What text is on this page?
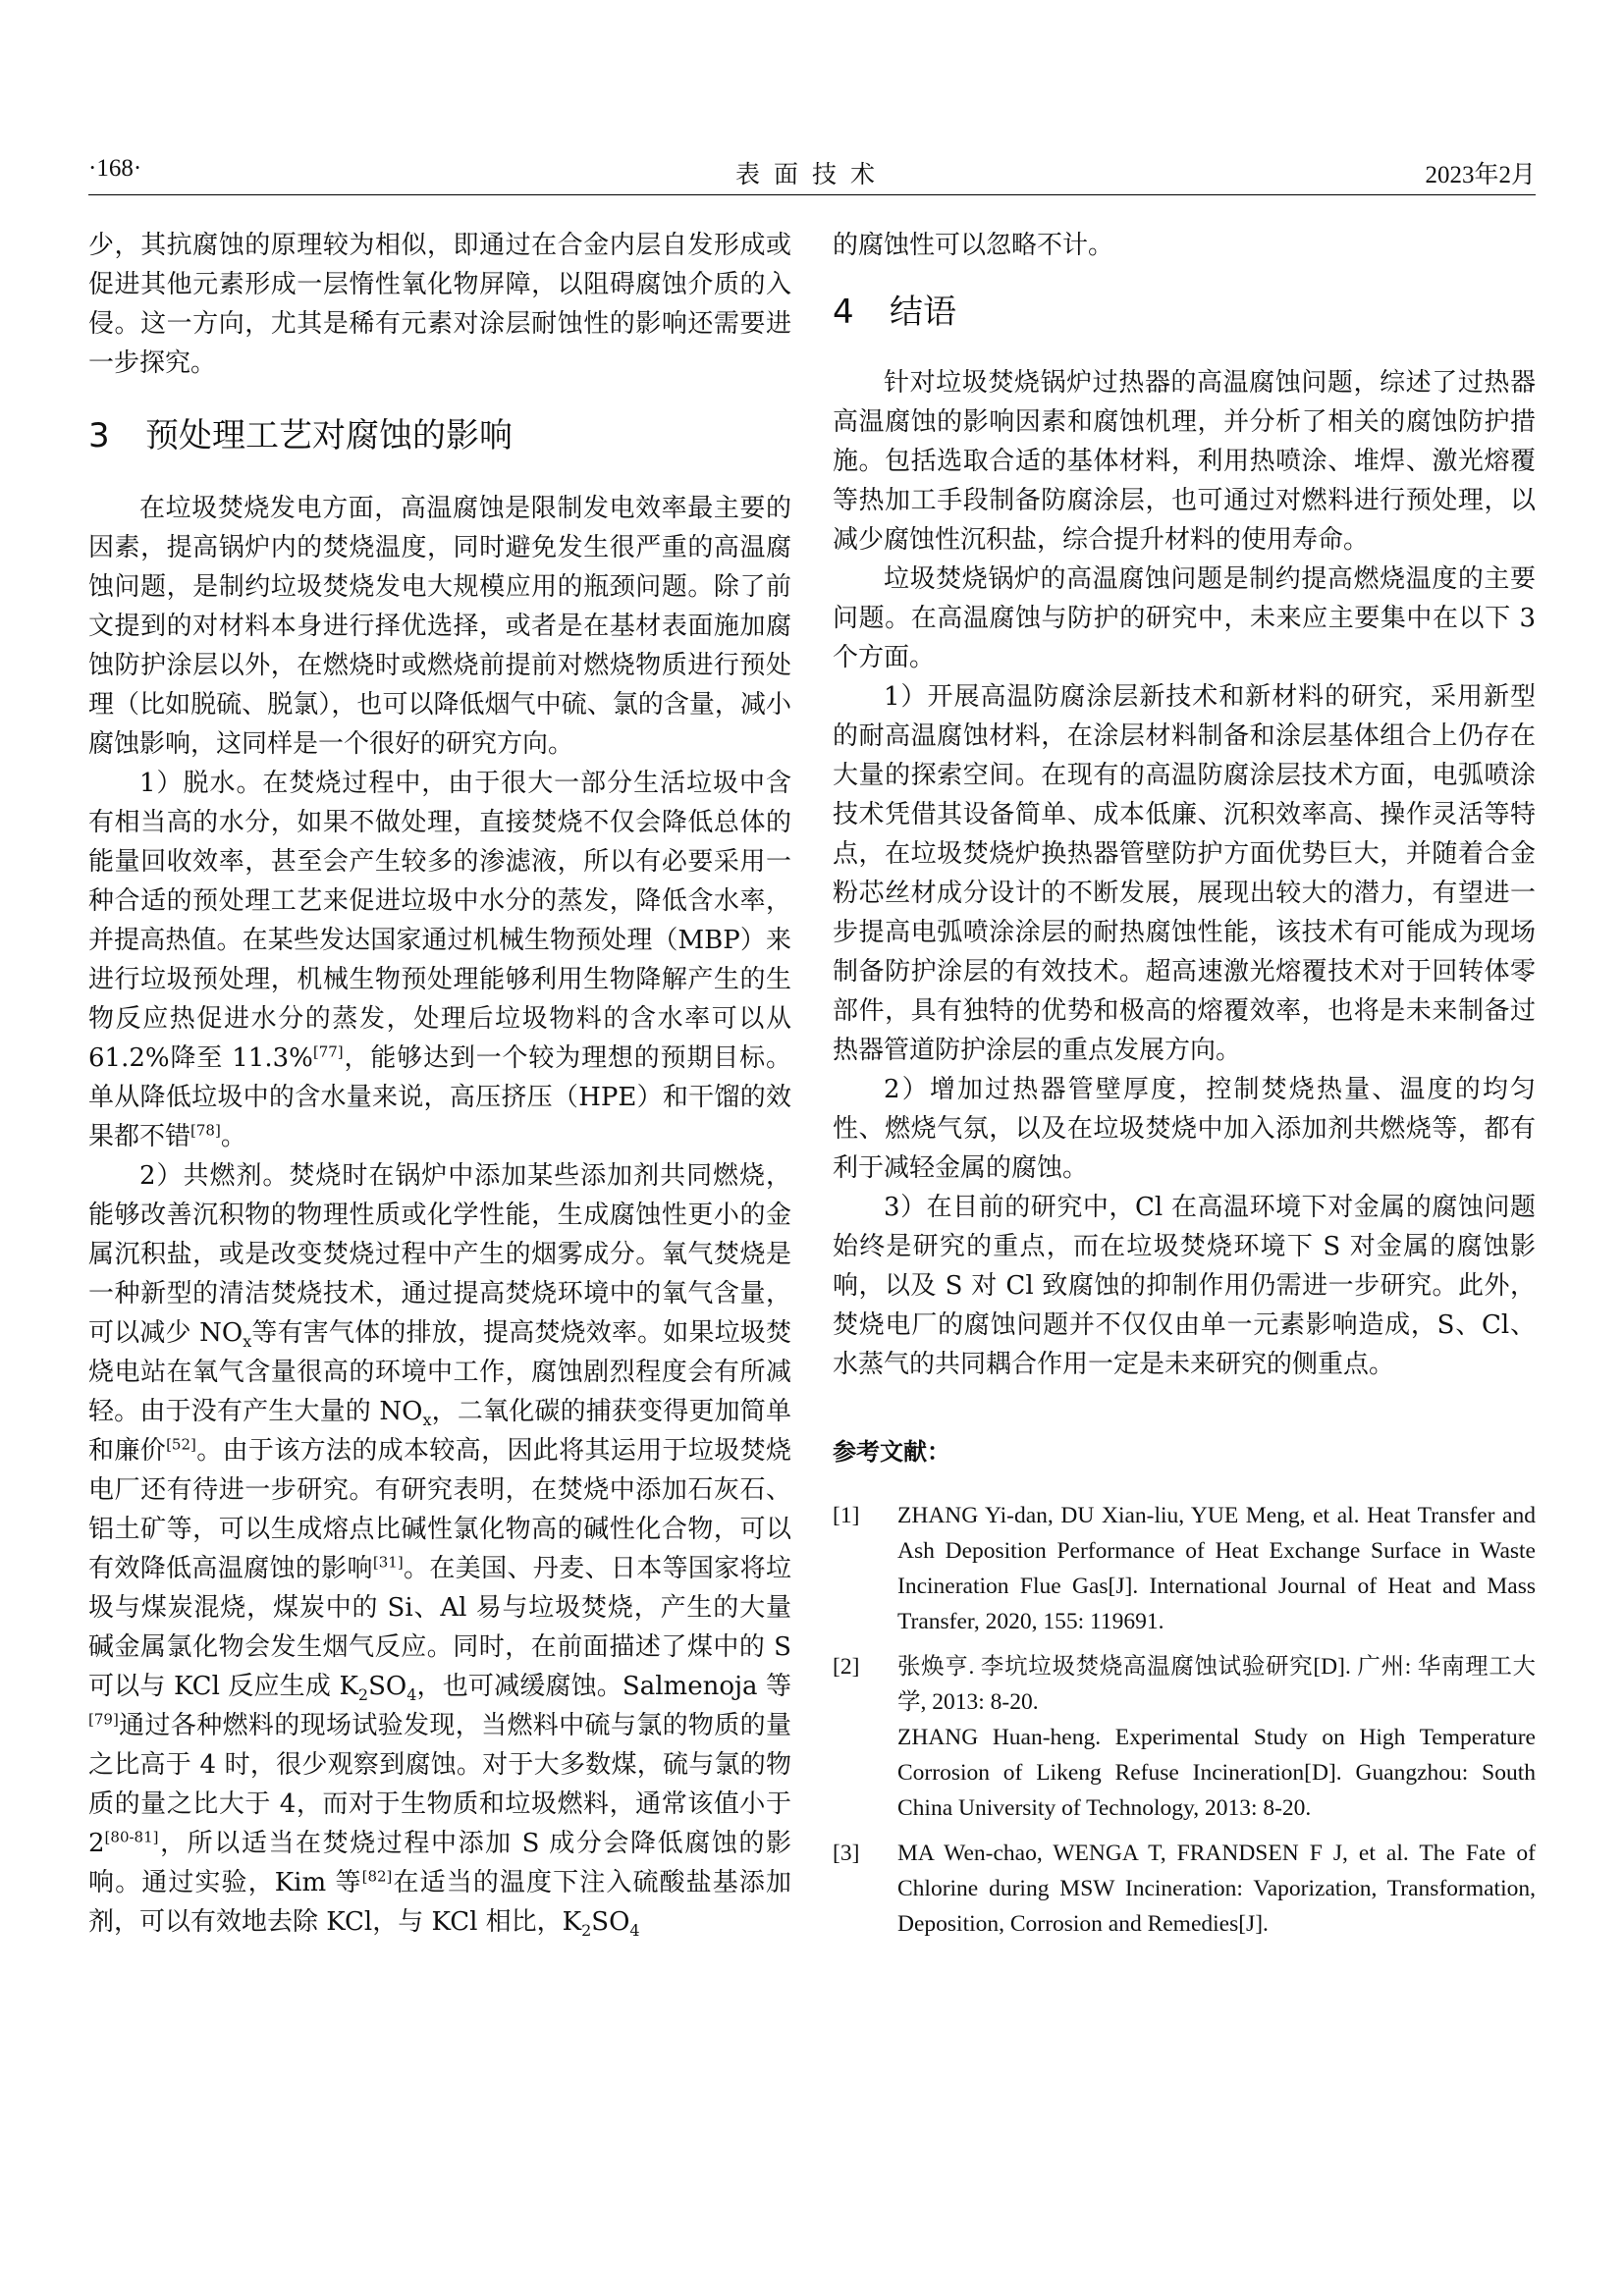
·168·	表面技术	2023年2月

少，其抗腐蚀的原理较为相似，即通过在合金内层自发形成或促进其他元素形成一层惰性氧化物屏障，以阻碍腐蚀介质的入侵。这一方向，尤其是稀有元素对涂层耐蚀性的影响还需要进一步探究。

3 预处理工艺对腐蚀的影响

在垃圾焚烧发电方面，高温腐蚀是限制发电效率最主要的因素，提高锅炉内的焚烧温度，同时避免发生很严重的高温腐蚀问题，是制约垃圾焚烧发电大规模应用的瓶颈问题。除了前文提到的对材料本身进行择优选择，或者是在基材表面施加腐蚀防护涂层以外，在燃烧时或燃烧前提前对燃烧物质进行预处理（比如脱硫、脱氯），也可以降低烟气中硫、氯的含量，减小腐蚀影响，这同样是一个很好的研究方向。

1）脱水。在焚烧过程中，由于很大一部分生活垃圾中含有相当高的水分，如果不做处理，直接焚烧不仅会降低总体的能量回收效率，甚至会产生较多的渗滤液，所以有必要采用一种合适的预处理工艺来促进垃圾中水分的蒸发，降低含水率，并提高热值。在某些发达国家通过机械生物预处理（MBP）来进行垃圾预处理，机械生物预处理能够利用生物降解产生的生物反应热促进水分的蒸发，处理后垃圾物料的含水率可以从 61.2%降至 11.3%[77]，能够达到一个较为理想的预期目标。单从降低垃圾中的含水量来说，高压挤压（HPE）和干馏的效果都不错[78]。

2）共燃剂。焚烧时在锅炉中添加某些添加剂共同燃烧，能够改善沉积物的物理性质或化学性能，生成腐蚀性更小的金属沉积盐，或是改变焚烧过程中产生的烟雾成分。氧气焚烧是一种新型的清洁焚烧技术，通过提高焚烧环境中的氧气含量，可以减少 $NO_x$等有害气体的排放，提高焚烧效率。如果垃圾焚烧电站在氧气含量很高的环境中工作，腐蚀剧烈程度会有所减轻。由于没有产生大量的 $NO_x$，二氧化碳的捕获变得更加简单和廉价[52]。由于该方法的成本较高，因此将其运用于垃圾焚烧电厂还有待进一步研究。有研究表明，在焚烧中添加石灰石、铝土矿等，可以生成熔点比碱性氯化物高的碱性化合物，可以有效降低高温腐蚀的影响[31]。在美国、丹麦、日本等国家将垃圾与煤炭混烧，煤炭中的 Si、Al 易与垃圾焚烧，产生的大量碱金属氯化物会发生烟气反应。同时，在前面描述了煤中的 S 可以与 KCl 反应生成 $K_2SO_4$，也可减缓腐蚀。Salmenoja 等[79]通过各种燃料的现场试验发现，当燃料中硫与氯的物质的量之比高于 4 时，很少观察到腐蚀。对于大多数煤，硫与氯的物质的量之比大于 4，而对于生物质和垃圾燃料，通常该值小于 2[80-81]，所以适当在焚烧过程中添加 S 成分会降低腐蚀的影响。通过实验，Kim 等[82]在适当的温度下注入硫酸盐基添加剂，可以有效地去除 KCl，与 KCl 相比，$K_2SO_4$

的腐蚀性可以忽略不计。

4 结语

针对垃圾焚烧锅炉过热器的高温腐蚀问题，综述了过热器高温腐蚀的影响因素和腐蚀机理，并分析了相关的腐蚀防护措施。包括选取合适的基体材料，利用热喷涂、堆焊、激光熔覆等热加工手段制备防腐涂层，也可通过对燃料进行预处理，以减少腐蚀性沉积盐，综合提升材料的使用寿命。

垃圾焚烧锅炉的高温腐蚀问题是制约提高燃烧温度的主要问题。在高温腐蚀与防护的研究中，未来应主要集中在以下 3 个方面。

1）开展高温防腐涂层新技术和新材料的研究，采用新型的耐高温腐蚀材料，在涂层材料制备和涂层基体组合上仍存在大量的探索空间。在现有的高温防腐涂层技术方面，电弧喷涂技术凭借其设备简单、成本低廉、沉积效率高、操作灵活等特点，在垃圾焚烧炉换热器管壁防护方面优势巨大，并随着合金粉芯丝材成分设计的不断发展，展现出较大的潜力，有望进一步提高电弧喷涂涂层的耐热腐蚀性能，该技术有可能成为现场制备防护涂层的有效技术。超高速激光熔覆技术对于回转体零部件，具有独特的优势和极高的熔覆效率，也将是未来制备过热器管道防护涂层的重点发展方向。

2）增加过热器管壁厚度，控制焚烧热量、温度的均匀性、燃烧气氛，以及在垃圾焚烧中加入添加剂共燃烧等，都有利于减轻金属的腐蚀。

3）在目前的研究中，Cl 在高温环境下对金属的腐蚀问题始终是研究的重点，而在垃圾焚烧环境下 S 对金属的腐蚀影响，以及 S 对 Cl 致腐蚀的抑制作用仍需进一步研究。此外，焚烧电厂的腐蚀问题并不仅仅由单一元素影响造成，S、Cl、水蒸气的共同耦合作用一定是未来研究的侧重点。

参考文献：
[1]	ZHANG Yi-dan, DU Xian-liu, YUE Meng, et al. Heat Transfer and Ash Deposition Performance of Heat Exchange Surface in Waste Incineration Flue Gas[J]. International Journal of Heat and Mass Transfer, 2020, 155: 119691.
[2]	张焕亨. 李坑垃圾焚烧高温腐蚀试验研究[D]. 广州: 华南理工大学, 2013: 8-20.
ZHANG Huan-heng. Experimental Study on High Temperature Corrosion of Likeng Refuse Incineration[D]. Guangzhou: South China University of Technology, 2013: 8-20.
[3]	MA Wen-chao, WENGA T, FRANDSEN F J, et al. The Fate of Chlorine during MSW Incineration: Vaporization, Transformation, Deposition, Corrosion and Remedies[J].
